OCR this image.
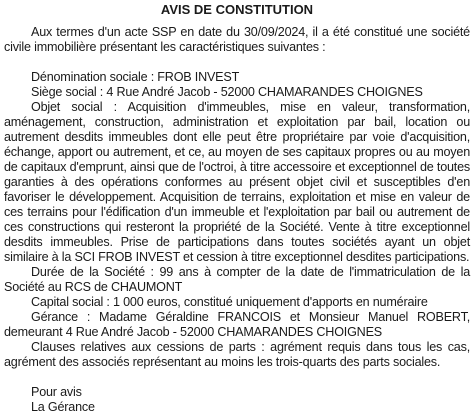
AVIS DE CONSTITUTION

Aux termes d'un acte SSP en date du 30/09/2024, il a été constitué une société civile immobilière présentant les caractéristiques suivantes :

Dénomination sociale : FROB INVEST

Siège social : 4 Rue André Jacob - 52000 CHAMARANDES CHOIGNES

Objet social : Acquisition d'immeubles, mise en valeur, transformation, aménagement, construction, administration et exploitation par bail, location ou autrement desdits immeubles dont elle peut être propriétaire par voie d'acquisition, échange, apport ou autrement, et ce, au moyen de ses capitaux propres ou au moyen de capitaux d'emprunt, ainsi que de l'octroi, à titre accessoire et exceptionnel de toutes garanties à des opérations conformes au présent objet civil et susceptibles d'en favoriser le développement. Acquisition de terrains, exploitation et mise en valeur de ces terrains pour l'édification d'un immeuble et l'exploitation par bail ou autrement de ces constructions qui resteront la propriété de la Société. Vente à titre exceptionnel desdits immeubles. Prise de participations dans toutes sociétés ayant un objet similaire à la SCI FROB INVEST et cession à titre exceptionnel desdites participations.

Durée de la Société : 99 ans à compter de la date de l'immatriculation de la Société au RCS de CHAUMONT

Capital social : 1 000 euros, constitué uniquement d'apports en numéraire

Gérance : Madame Géraldine FRANCOIS et Monsieur Manuel ROBERT, demeurant 4 Rue André Jacob - 52000 CHAMARANDES CHOIGNES

Clauses relatives aux cessions de parts : agrément requis dans tous les cas, agrément des associés représentant au moins les trois-quarts des parts sociales.

Pour avis

La Gérance
